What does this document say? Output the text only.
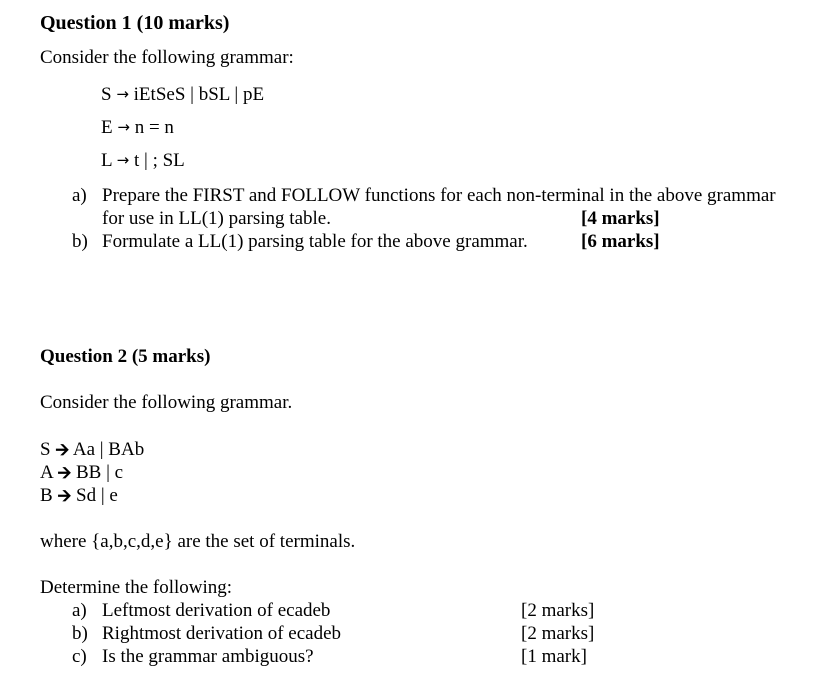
Question 1 (10 marks)
Consider the following grammar:
S → iEtSeS | bSL | pE
E → n = n
L → t | ; SL
a) Prepare the FIRST and FOLLOW functions for each non-terminal in the above grammar
for use in LL(1) parsing table.	[4 marks]
b) Formulate a LL(1) parsing table for the above grammar.	[6 marks]
Question 2 (5 marks)
Consider the following grammar.
S 🡪 Aa | BAb
A 🡪 BB | c
B 🡪 Sd | e
where {a,b,c,d,e} are the set of terminals.
Determine the following:
a) Leftmost derivation of ecadeb	[2 marks]
b) Rightmost derivation of ecadeb	[2 marks]
c) Is the grammar ambiguous?	[1 mark]
